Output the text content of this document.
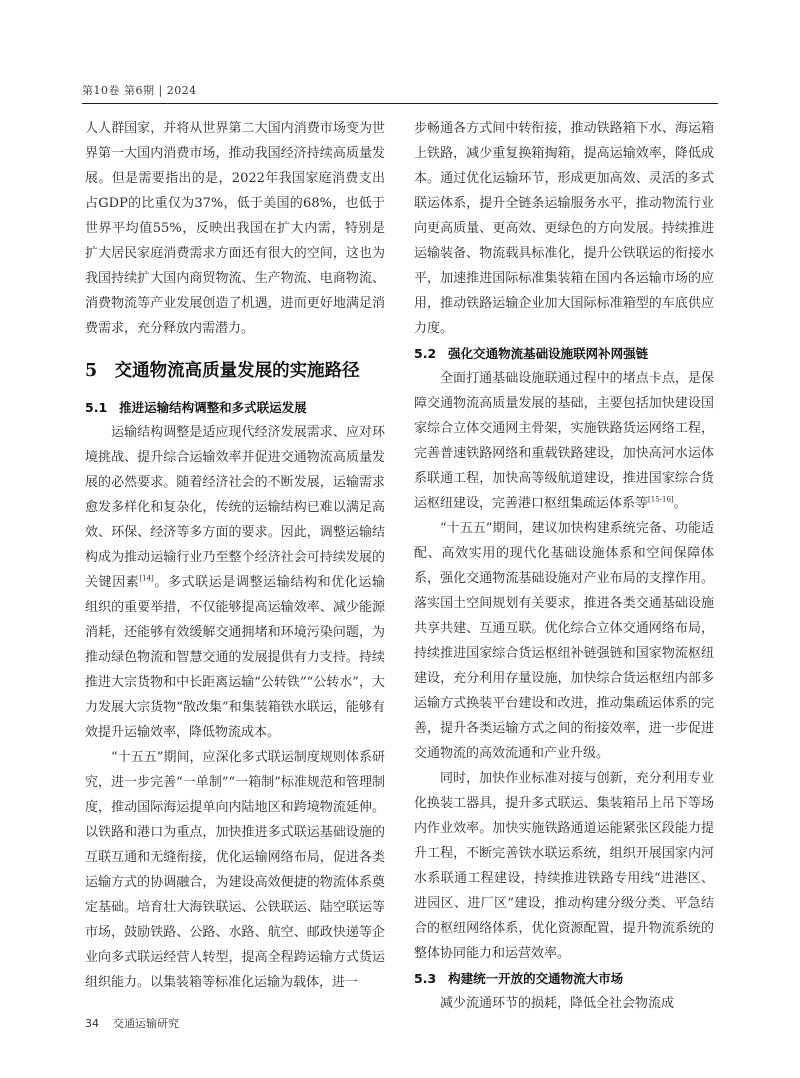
第10卷 第6期 | 2024

人人群国家，并将从世界第二大国内消费市场变为世界第一大国内消费市场，推动我国经济持续高质量发展。但是需要指出的是，2022年我国家庭消费支出占GDP的比重仅为37%，低于美国的68%，也低于世界平均值55%，反映出我国在扩大内需，特别是扩大居民家庭消费需求方面还有很大的空间，这也为我国持续扩大国内商贸物流、生产物流、电商物流、消费物流等产业发展创造了机遇，进而更好地满足消费需求，充分释放内需潜力。

5　交通物流高质量发展的实施路径

5.1 推进运输结构调整和多式联运发展

运输结构调整是适应现代经济发展需求、应对环境挑战、提升综合运输效率并促进交通物流高质量发展的必然要求。随着经济社会的不断发展，运输需求愈发多样化和复杂化，传统的运输结构已难以满足高效、环保、经济等多方面的要求。因此，调整运输结构成为推动运输行业乃至整个经济社会可持续发展的关键因素[14]。多式联运是调整运输结构和优化运输组织的重要举措，不仅能够提高运输效率、减少能源消耗，还能够有效缓解交通拥堵和环境污染问题，为推动绿色物流和智慧交通的发展提供有力支持。持续推进大宗货物和中长距离运输“公转铁”“公转水”，大力发展大宗货物“散改集”和集装箱铁水联运，能够有效提升运输效率，降低物流成本。

“十五五”期间，应深化多式联运制度规则体系研究，进一步完善“一单制”“一箱制”标准规范和管理制度，推动国际海运提单向内陆地区和跨境物流延伸。以铁路和港口为重点，加快推进多式联运基础设施的互联互通和无缝衔接，优化运输网络布局，促进各类运输方式的协调融合，为建设高效便捷的物流体系奠定基础。培育壮大海铁联运、公铁联运、陆空联运等市场，鼓励铁路、公路、水路、航空、邮政快递等企业向多式联运经营人转型，提高全程跨运输方式货运组织能力。以集装箱等标准化运输为载体，进一

步畅通各方式间中转衔接，推动铁路箱下水、海运箱上铁路，减少重复换箱掏箱，提高运输效率，降低成本。通过优化运输环节，形成更加高效、灵活的多式联运体系，提升全链条运输服务水平，推动物流行业向更高质量、更高效、更绿色的方向发展。持续推进运输装备、物流载具标准化，提升公铁联运的衔接水平，加速推进国际标准集装箱在国内各运输市场的应用，推动铁路运输企业加大国际标准箱型的车底供应力度。

5.2 强化交通物流基础设施联网补网强链

全面打通基础设施联通过程中的堵点卡点，是保障交通物流高质量发展的基础，主要包括加快建设国家综合立体交通网主骨架，实施铁路货运网络工程，完善普速铁路网络和重载铁路建设，加快高河水运体系联通工程，加快高等级航道建设，推进国家综合货运枢纽建设，完善港口枢纽集疏运体系等[15-16]。

“十五五”期间，建议加快构建系统完备、功能适配、高效实用的现代化基础设施体系和空间保障体系，强化交通物流基础设施对产业布局的支撑作用。落实国土空间规划有关要求，推进各类交通基础设施共享共建、互通互联。优化综合立体交通网络布局，持续推进国家综合货运枢纽补链强链和国家物流枢纽建设，充分利用存量设施，加快综合货运枢纽内部多运输方式换装平台建设和改进，推动集疏运体系的完善，提升各类运输方式之间的衔接效率，进一步促进交通物流的高效流通和产业升级。

同时，加快作业标准对接与创新，充分利用专业化换装工器具，提升多式联运、集装箱吊上吊下等场内作业效率。加快实施铁路通道运能紧张区段能力提升工程，不断完善铁水联运系统，组织开展国家内河水系联通工程建设，持续推进铁路专用线“进港区、进园区、进厂区”建设，推动构建分级分类、平急结合的枢纽网络体系，优化资源配置，提升物流系统的整体协同能力和运营效率。

5.3 构建统一开放的交通物流大市场

减少流通环节的损耗，降低全社会物流成

34 交通运输研究
